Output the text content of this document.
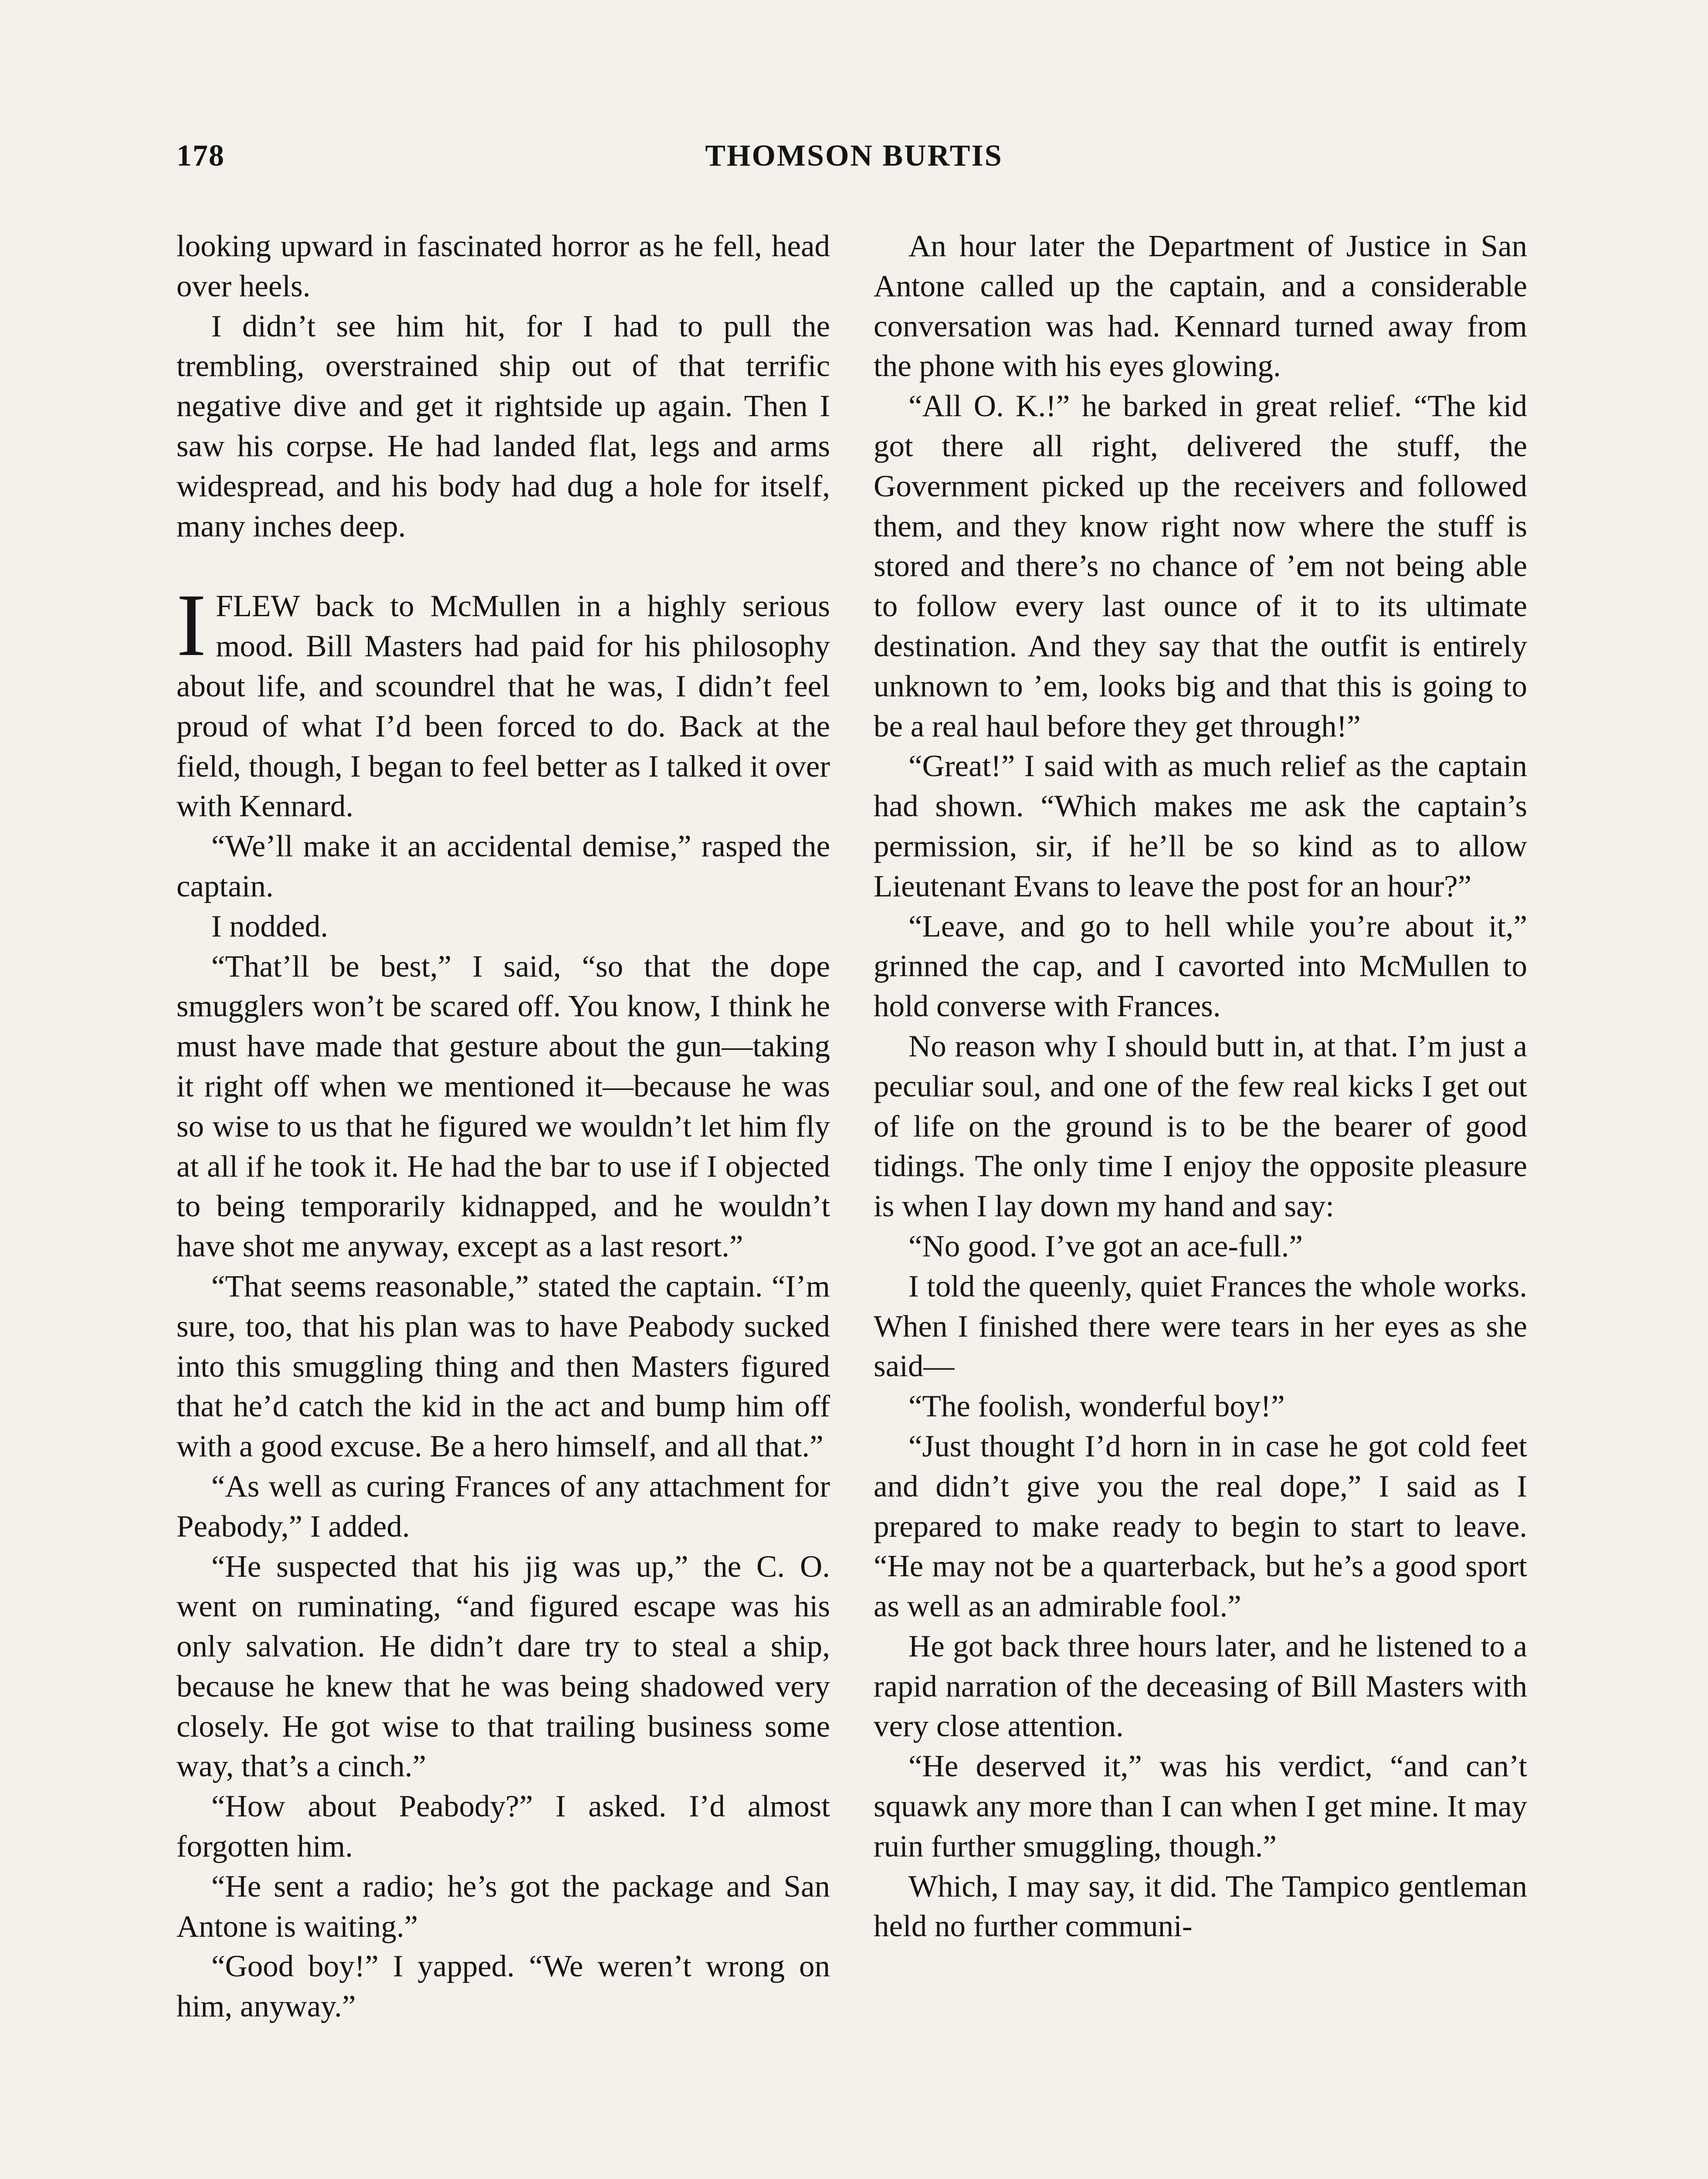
178	THOMSON BURTIS

looking upward in fascinated horror as he fell, head over heels.

I didn’t see him hit, for I had to pull the trembling, overstrained ship out of that terrific negative dive and get it rightside up again. Then I saw his corpse. He had landed flat, legs and arms widespread, and his body had dug a hole for itself, many inches deep.

IFLEW back to McMullen in a highly serious mood. Bill Masters had paid for his philosophy about life, and scoundrel that he was, I didn’t feel proud of what I’d been forced to do. Back at the field, though, I began to feel better as I talked it over with Kennard.

“We’ll make it an accidental demise,” rasped the captain.

I nodded.

“That’ll be best,” I said, “so that the dope smugglers won’t be scared off. You know, I think he must have made that gesture about the gun—taking it right off when we mentioned it—because he was so wise to us that he figured we wouldn’t let him fly at all if he took it. He had the bar to use if I objected to being temporarily kidnapped, and he wouldn’t have shot me anyway, except as a last resort.”

“That seems reasonable,” stated the captain. “I’m sure, too, that his plan was to have Peabody sucked into this smuggling thing and then Masters figured that he’d catch the kid in the act and bump him off with a good excuse. Be a hero himself, and all that.”

“As well as curing Frances of any attachment for Peabody,” I added.

“He suspected that his jig was up,” the C. O. went on ruminating, “and figured escape was his only salvation. He didn’t dare try to steal a ship, because he knew that he was being shadowed very closely. He got wise to that trailing business some way, that’s a cinch.”

“How about Peabody?” I asked. I’d almost forgotten him.

“He sent a radio; he’s got the package and San Antone is waiting.”

“Good boy!” I yapped. “We weren’t wrong on him, anyway.”

An hour later the Department of Justice in San Antone called up the captain, and a considerable conversation was had. Kennard turned away from the phone with his eyes glowing.

“All O. K.!” he barked in great relief. “The kid got there all right, delivered the stuff, the Government picked up the receivers and followed them, and they know right now where the stuff is stored and there’s no chance of ’em not being able to follow every last ounce of it to its ultimate destination. And they say that the outfit is entirely unknown to ’em, looks big and that this is going to be a real haul before they get through!”

“Great!” I said with as much relief as the captain had shown. “Which makes me ask the captain’s permission, sir, if he’ll be so kind as to allow Lieutenant Evans to leave the post for an hour?”

“Leave, and go to hell while you’re about it,” grinned the cap, and I cavorted into McMullen to hold converse with Frances.

No reason why I should butt in, at that. I’m just a peculiar soul, and one of the few real kicks I get out of life on the ground is to be the bearer of good tidings. The only time I enjoy the opposite pleasure is when I lay down my hand and say:

“No good. I’ve got an ace-full.”

I told the queenly, quiet Frances the whole works. When I finished there were tears in her eyes as she said—

“The foolish, wonderful boy!”

“Just thought I’d horn in in case he got cold feet and didn’t give you the real dope,” I said as I prepared to make ready to begin to start to leave. “He may not be a quarterback, but he’s a good sport as well as an admirable fool.”

He got back three hours later, and he listened to a rapid narration of the deceasing of Bill Masters with very close attention.

“He deserved it,” was his verdict, “and can’t squawk any more than I can when I get mine. It may ruin further smuggling, though.”

Which, I may say, it did. The Tampico gentleman held no further communi-
